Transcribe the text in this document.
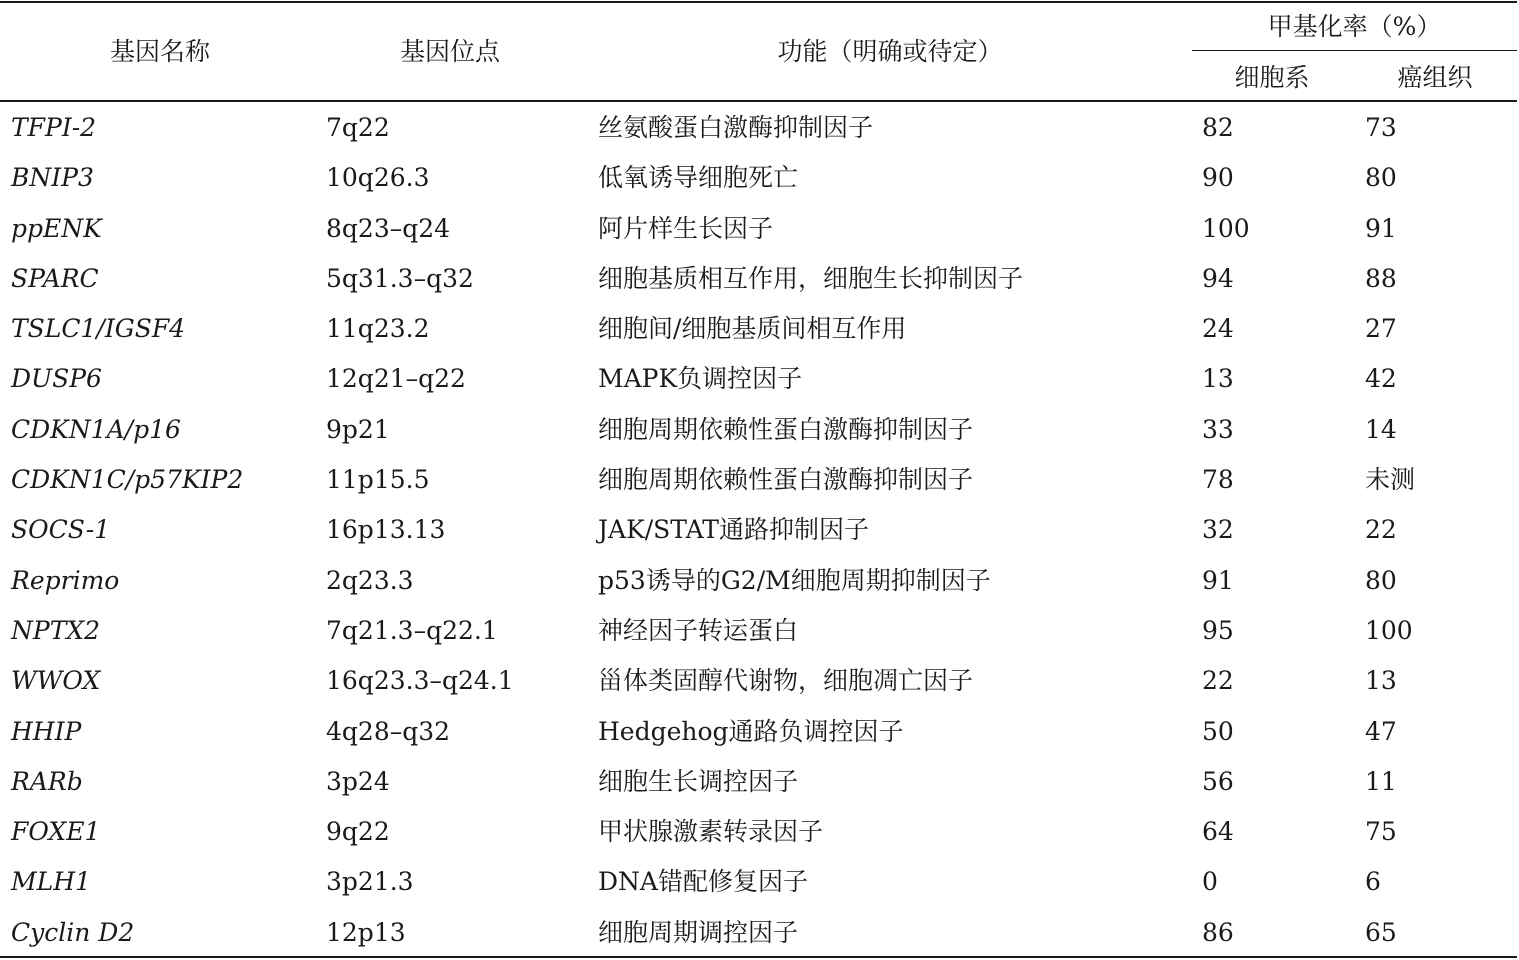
基因名称	基因位点	功能（明确或待定）
甲基化率（%）
细胞系	癌组织
TFPI-2	7q22	丝氨酸蛋白激酶抑制因子	82	73
BNIP3	10q26.3	低氧诱导细胞死亡	90	80
ppENK	8q23–q24	阿片样生长因子	100	91
SPARC	5q31.3–q32	细胞基质相互作用，细胞生长抑制因子	94	88
TSLC1/IGSF4	11q23.2	细胞间/细胞基质间相互作用	24	27
DUSP6	12q21–q22	MAPK负调控因子	13	42
CDKN1A/p16	9p21	细胞周期依赖性蛋白激酶抑制因子	33	14
CDKN1C/p57KIP2	11p15.5	细胞周期依赖性蛋白激酶抑制因子	78	未测
SOCS-1	16p13.13	JAK/STAT通路抑制因子	32	22
Reprimo	2q23.3	p53诱导的G2/M细胞周期抑制因子	91	80
NPTX2	7q21.3–q22.1	神经因子转运蛋白	95	100
WWOX	16q23.3–q24.1	甾体类固醇代谢物，细胞凋亡因子	22	13
HHIP	4q28–q32	Hedgehog通路负调控因子	50	47
RARb	3p24	细胞生长调控因子	56	11
FOXE1	9q22	甲状腺激素转录因子	64	75
MLH1	3p21.3	DNA错配修复因子	0	6
Cyclin D2	12p13	细胞周期调控因子	86	65
